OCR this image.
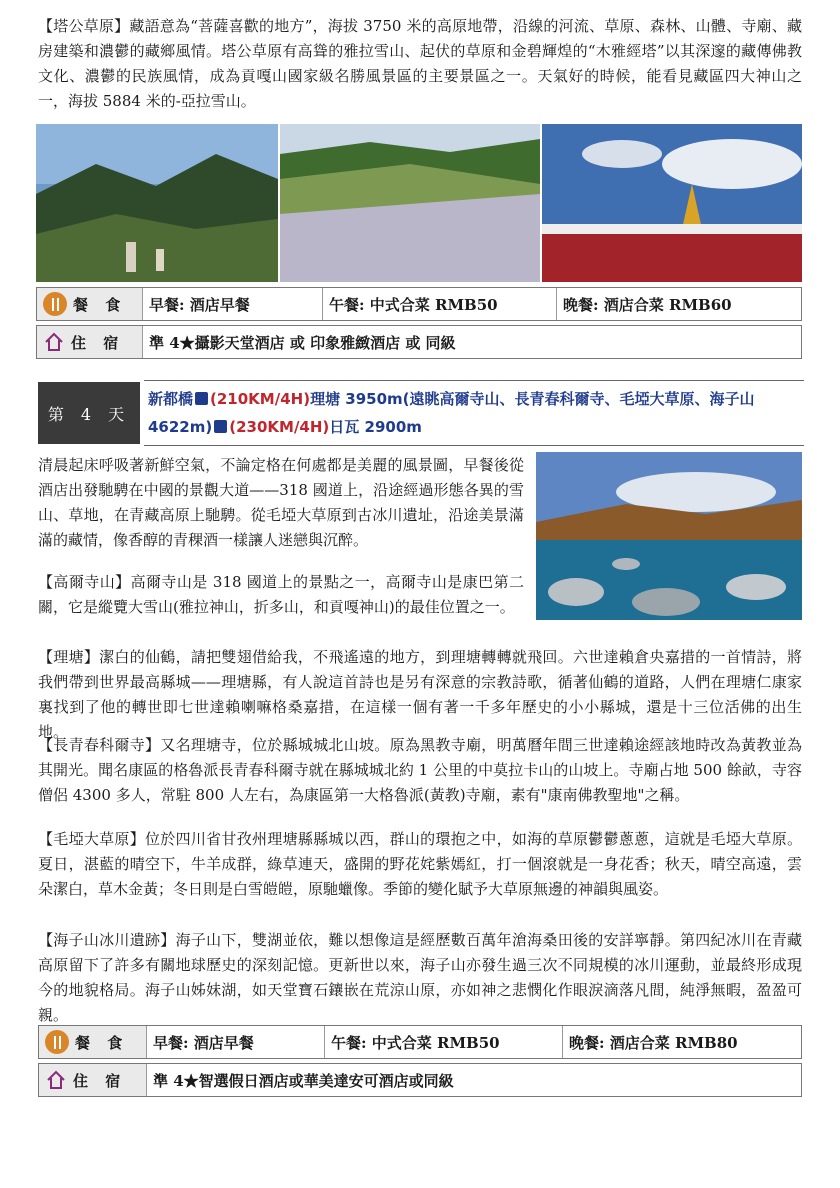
【塔公草原】藏語意為“菩薩喜歡的地方”，海拔 3750 米的高原地帶，沿線的河流、草原、森林、山體、寺廟、藏房建築和濃鬱的藏鄉風情。塔公草原有高聳的雅拉雪山、起伏的草原和金碧輝煌的“木雅經塔”以其深邃的藏傳佛教文化、濃鬱的民族風情，成為貢嘎山國家級名勝風景區的主要景區之一。天氣好的時候，能看見藏區四大神山之一，海拔 5884 米的-亞拉雪山。

餐 食	早餐: 酒店早餐	午餐: 中式合菜 RMB50	晚餐: 酒店合菜 RMB60
住 宿	準 4★攝影天堂酒店 或 印象雅緻酒店 或 同級
第 4 天
新都橋 (210KM/4H)理塘 3950m(遠眺高爾寺山、長青春科爾寺、毛埡大草原、海子山 4622m) (230KM/4H)日瓦 2900m

清晨起床呼吸著新鮮空氣，不論定格在何處都是美麗的風景圖，早餐後從酒店出發馳騁在中國的景觀大道——318 國道上，沿途經過形態各異的雪山、草地，在青藏高原上馳騁。從毛埡大草原到古冰川遺址，沿途美景滿滿的藏情，像香醇的青稞酒一樣讓人迷戀與沉醉。

【高爾寺山】高爾寺山是 318 國道上的景點之一，高爾寺山是康巴第二關，它是縱覽大雪山(雅拉神山，折多山，和貢嘎神山)的最佳位置之一。

【理塘】潔白的仙鶴，請把雙翅借給我，不飛遙遠的地方，到理塘轉轉就飛回。六世達賴倉央嘉措的一首情詩，將我們帶到世界最高縣城——理塘縣，有人說這首詩也是另有深意的宗教詩歌，循著仙鶴的道路，人們在理塘仁康家裏找到了他的轉世即七世達賴喇嘛格桑嘉措，在這樣一個有著一千多年歷史的小小縣城，還是十三位活佛的出生地。

【長青春科爾寺】又名理塘寺，位於縣城城北山坡。原為黑教寺廟，明萬曆年間三世達賴途經該地時改為黃教並為其開光。聞名康區的格魯派長青春科爾寺就在縣城城北約 1 公里的中莫拉卡山的山坡上。寺廟占地 500 餘畝，寺容僧侶 4300 多人，常駐 800 人左右，為康區第一大格魯派(黃教)寺廟，素有"康南佛教聖地"之稱。

【毛埡大草原】位於四川省甘孜州理塘縣縣城以西，群山的環抱之中，如海的草原鬱鬱蔥蔥，這就是毛埡大草原。夏日，湛藍的晴空下，牛羊成群，綠草連天，盛開的野花姹紫嫣紅，打一個滾就是一身花香；秋天，晴空高遠，雲朵潔白，草木金黃；冬日則是白雪皚皚，原馳蠟像。季節的變化賦予大草原無邊的神韻與風姿。

【海子山冰川遺跡】海子山下，雙湖並依，難以想像這是經歷數百萬年滄海桑田後的安詳寧靜。第四紀冰川在青藏高原留下了許多有關地球歷史的深刻記憶。更新世以來，海子山亦發生過三次不同規模的冰川運動，並最終形成現今的地貌格局。海子山姊妹湖，如天堂寶石鑲嵌在荒涼山原，亦如神之悲憫化作眼淚滴落凡間，純淨無暇，盈盈可親。

餐 食	早餐: 酒店早餐	午餐: 中式合菜 RMB50	晚餐: 酒店合菜 RMB80
住 宿	準 4★智選假日酒店或華美達安可酒店或同級
